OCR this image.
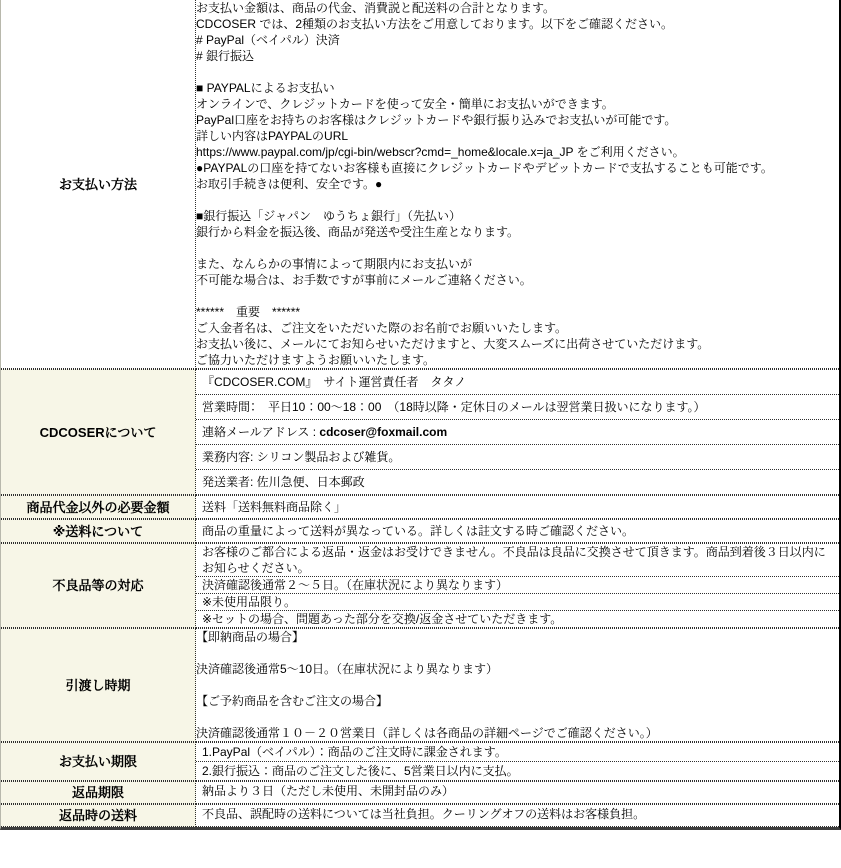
お支払い方法	
お支払い金額は、商品の代金、消費説と配送料の合計となります。
CDCOSER では、2種類のお支払い方法をご用意しております。以下をご確認ください。
# PayPal（ベイパル）決済
# 銀行振込

■ PAYPALによるお支払い
オンラインで、クレジットカードを使って安全・簡単にお支払いができます。
PayPal口座をお持ちのお客様はクレジットカードや銀行振り込みでお支払いが可能です。
詳しい内容はPAYPALのURL
https://www.paypal.com/jp/cgi-bin/webscr?cmd=_home&locale.x=ja_JP をご利用ください。
●PAYPALの口座を持てないお客様も直接にクレジットカードやデビットカードで支払することも可能です。
お取引手続きは便利、安全です。●

■銀行振込「ジャパン　ゆうちょ銀行」（先払い）
銀行から料金を振込後、商品が発送や受注生産となります。

また、なんらかの事情によって期限内にお支払いが
不可能な場合は、お手数ですが事前にメールご連絡ください。

******　重要　******
ご入金者名は、ご注文をいただいた際のお名前でお願いいたします。
お支払い後に、メールにてお知らせいただけますと、大変スムーズに出荷させていただけます。
ご協力いただけますようお願いいたします。

CDCOSERについて	『CDCOSER.COM』　サイト運営責任者　タタノ
営業時間：　平日10：00～18：00　（18時以降・定休日のメールは翌営業日扱いになります。）
連絡メールアドレス : cdcoser@foxmail.com
業務内容: シリコン製品および雑貨。
発送業者: 佐川急便、日本郵政

商品代金以外の必要金額	送料「送料無料商品除く」

※送料について	商品の重量によって送料が異なっている。詳しくは註文する時ご確認ください。

不良品等の対応	お客様のご都合による返品・返金はお受けできません。不良品は良品に交換させて頂きます。商品到着後３日以内にお知らせください。
決済確認後通常２～５日。（在庫状況により異なります）
※未使用品限り。
※セットの場合、問題あった部分を交換/返金させていただきます。

引渡し時期	【即納商品の場合】

決済確認後通常5～10日。（在庫状況により異なります）

【ご予約商品を含むご注文の場合】

決済確認後通常１０－２０営業日（詳しくは各商品の詳細ページでご確認ください。）

お支払い期限	1.PayPal（ベイパル）：商品のご注文時に課金されます。
2.銀行振込：商品のご注文した後に、5営業日以内に支払。

返品期限	納品より３日（ただし未使用、未開封品のみ）

返品時の送料	不良品、誤配時の送料については当社負担。クーリングオフの送料はお客様負担。
